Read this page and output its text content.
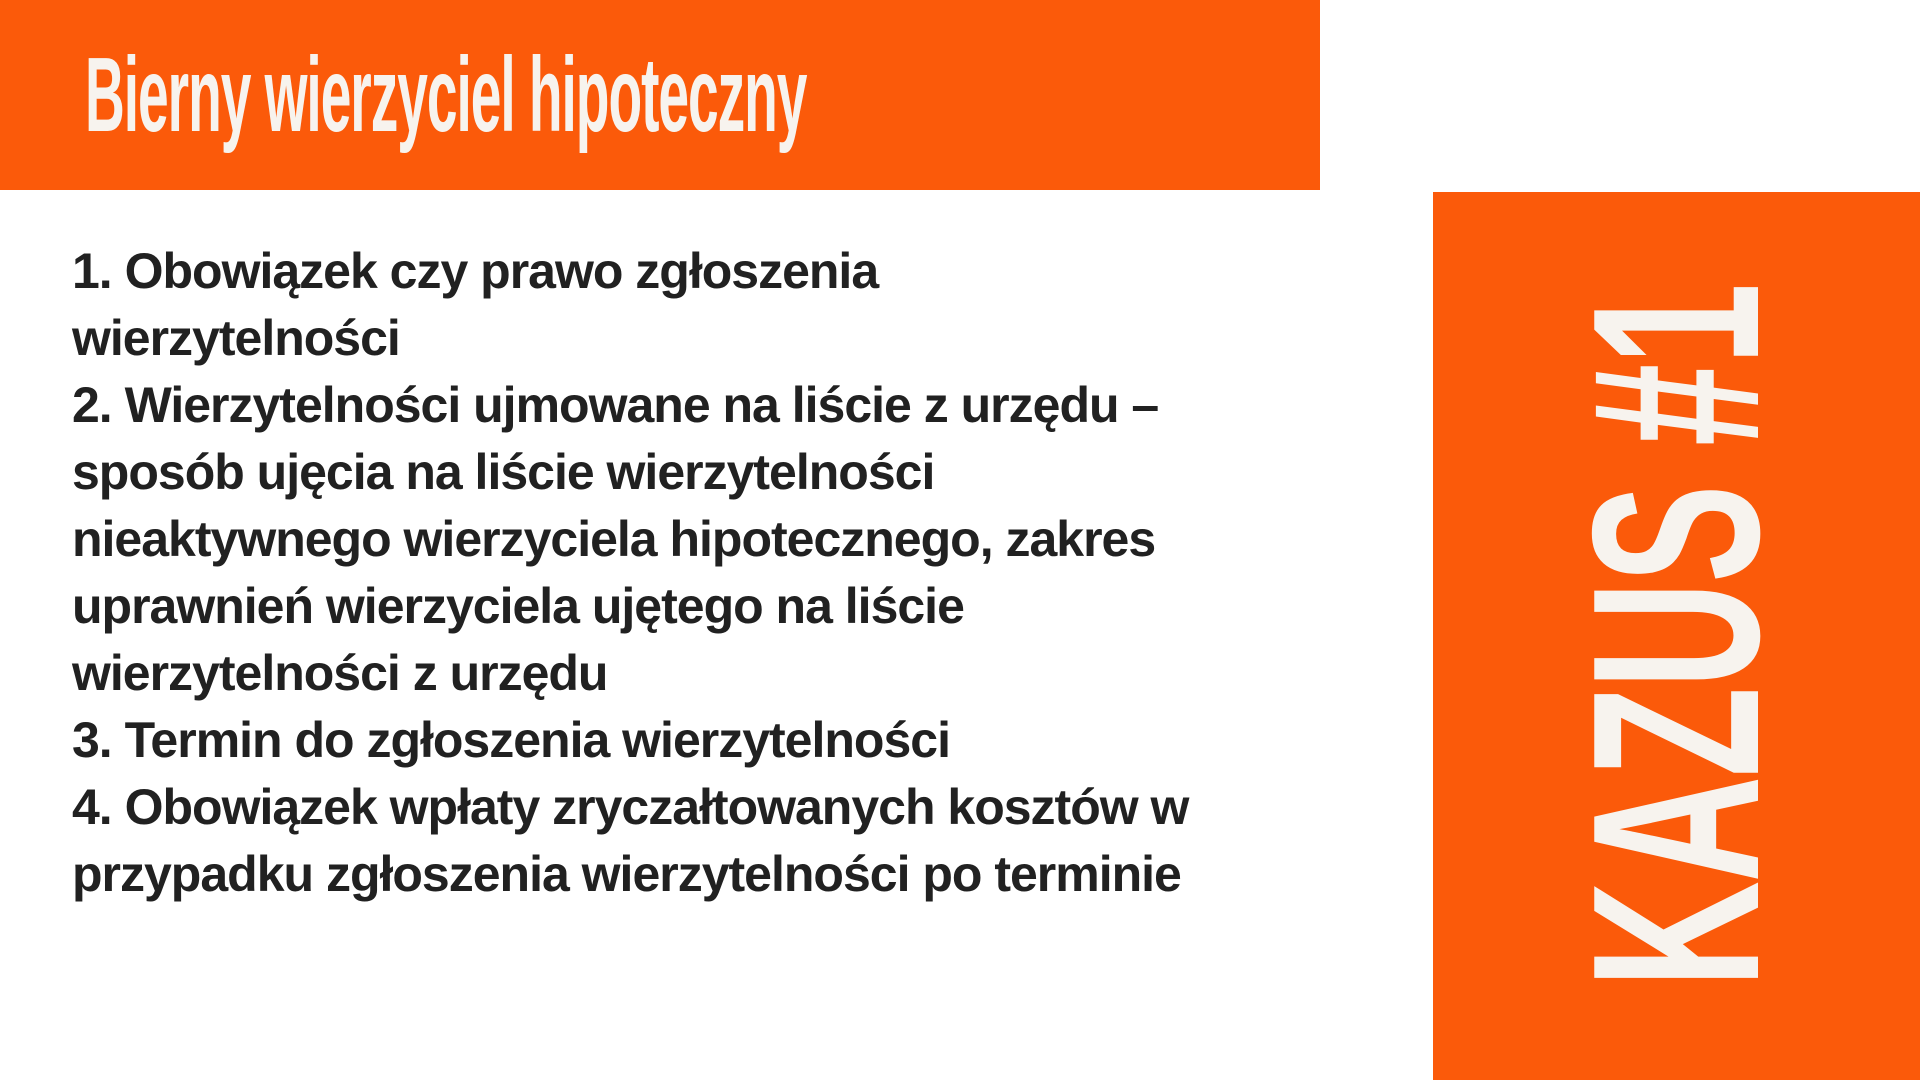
Bierny wierzyciel hipoteczny
1. Obowiązek czy prawo zgłoszenia
wierzytelności
2. Wierzytelności ujmowane na liście z urzędu –
sposób ujęcia na liście wierzytelności
nieaktywnego wierzyciela hipotecznego, zakres
uprawnień wierzyciela ujętego na liście
wierzytelności z urzędu
3. Termin do zgłoszenia wierzytelności
4. Obowiązek wpłaty zryczałtowanych kosztów w
przypadku zgłoszenia wierzytelności po terminie	KAZUS #1
